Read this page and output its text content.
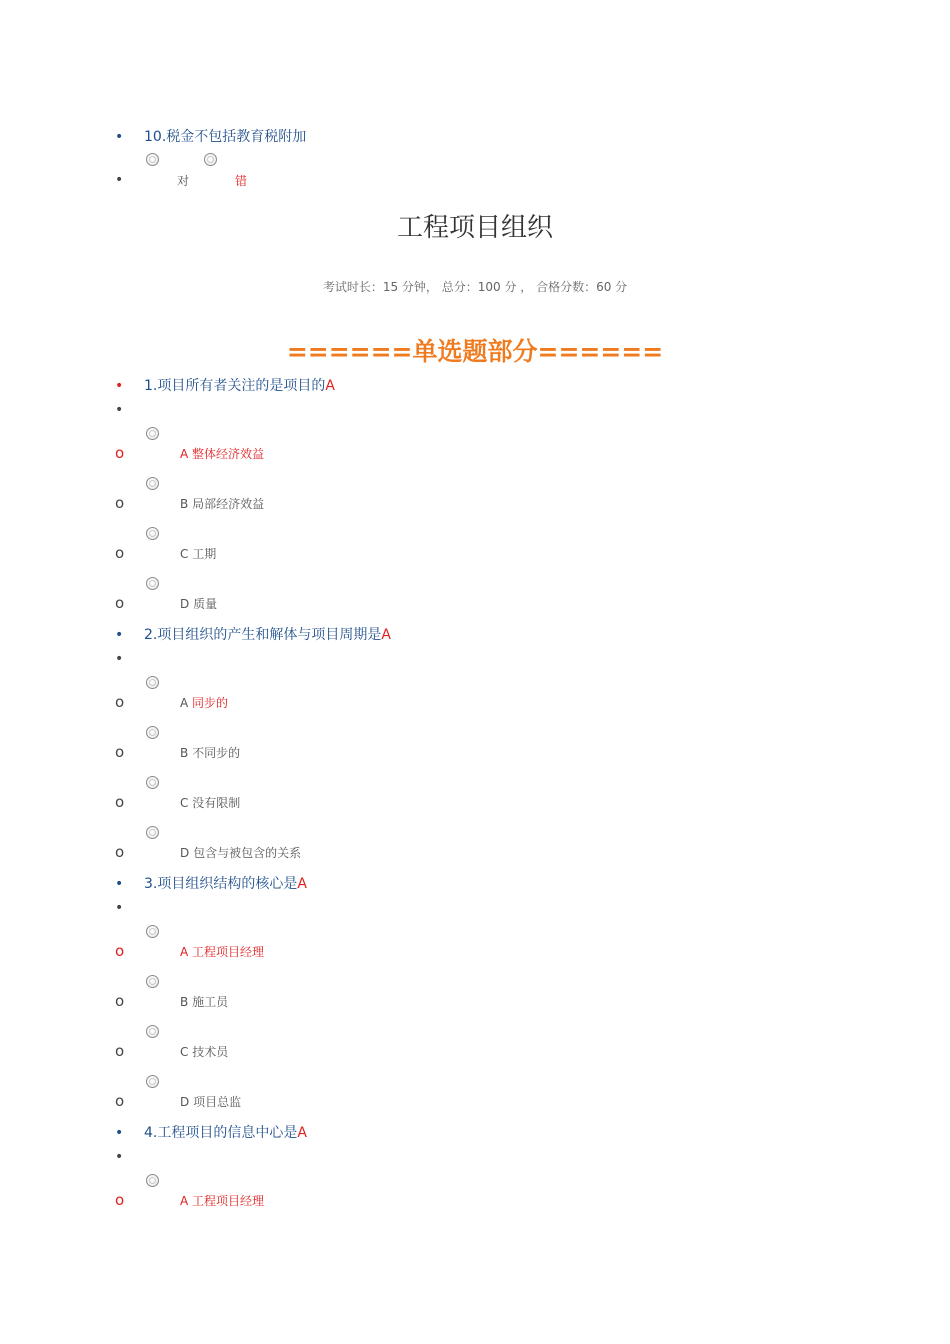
• 10.税金不包括教育税附加
•	对	错
工程项目组织
考试时长：15 分钟， 总分：100 分 ， 合格分数：60 分
======单选题部分======
• 1.项目所有者关注的是项目的A
•
o	A 整体经济效益
o	B 局部经济效益
o	C 工期
o	D 质量
• 2.项目组织的产生和解体与项目周期是A
•
o	A 同步的
o	B 不同步的
o	C 没有限制
o	D 包含与被包含的关系
• 3.项目组织结构的核心是A
•
o	A 工程项目经理
o	B 施工员
o	C 技术员
o	D 项目总监
• 4.工程项目的信息中心是A
•
o	A 工程项目经理
